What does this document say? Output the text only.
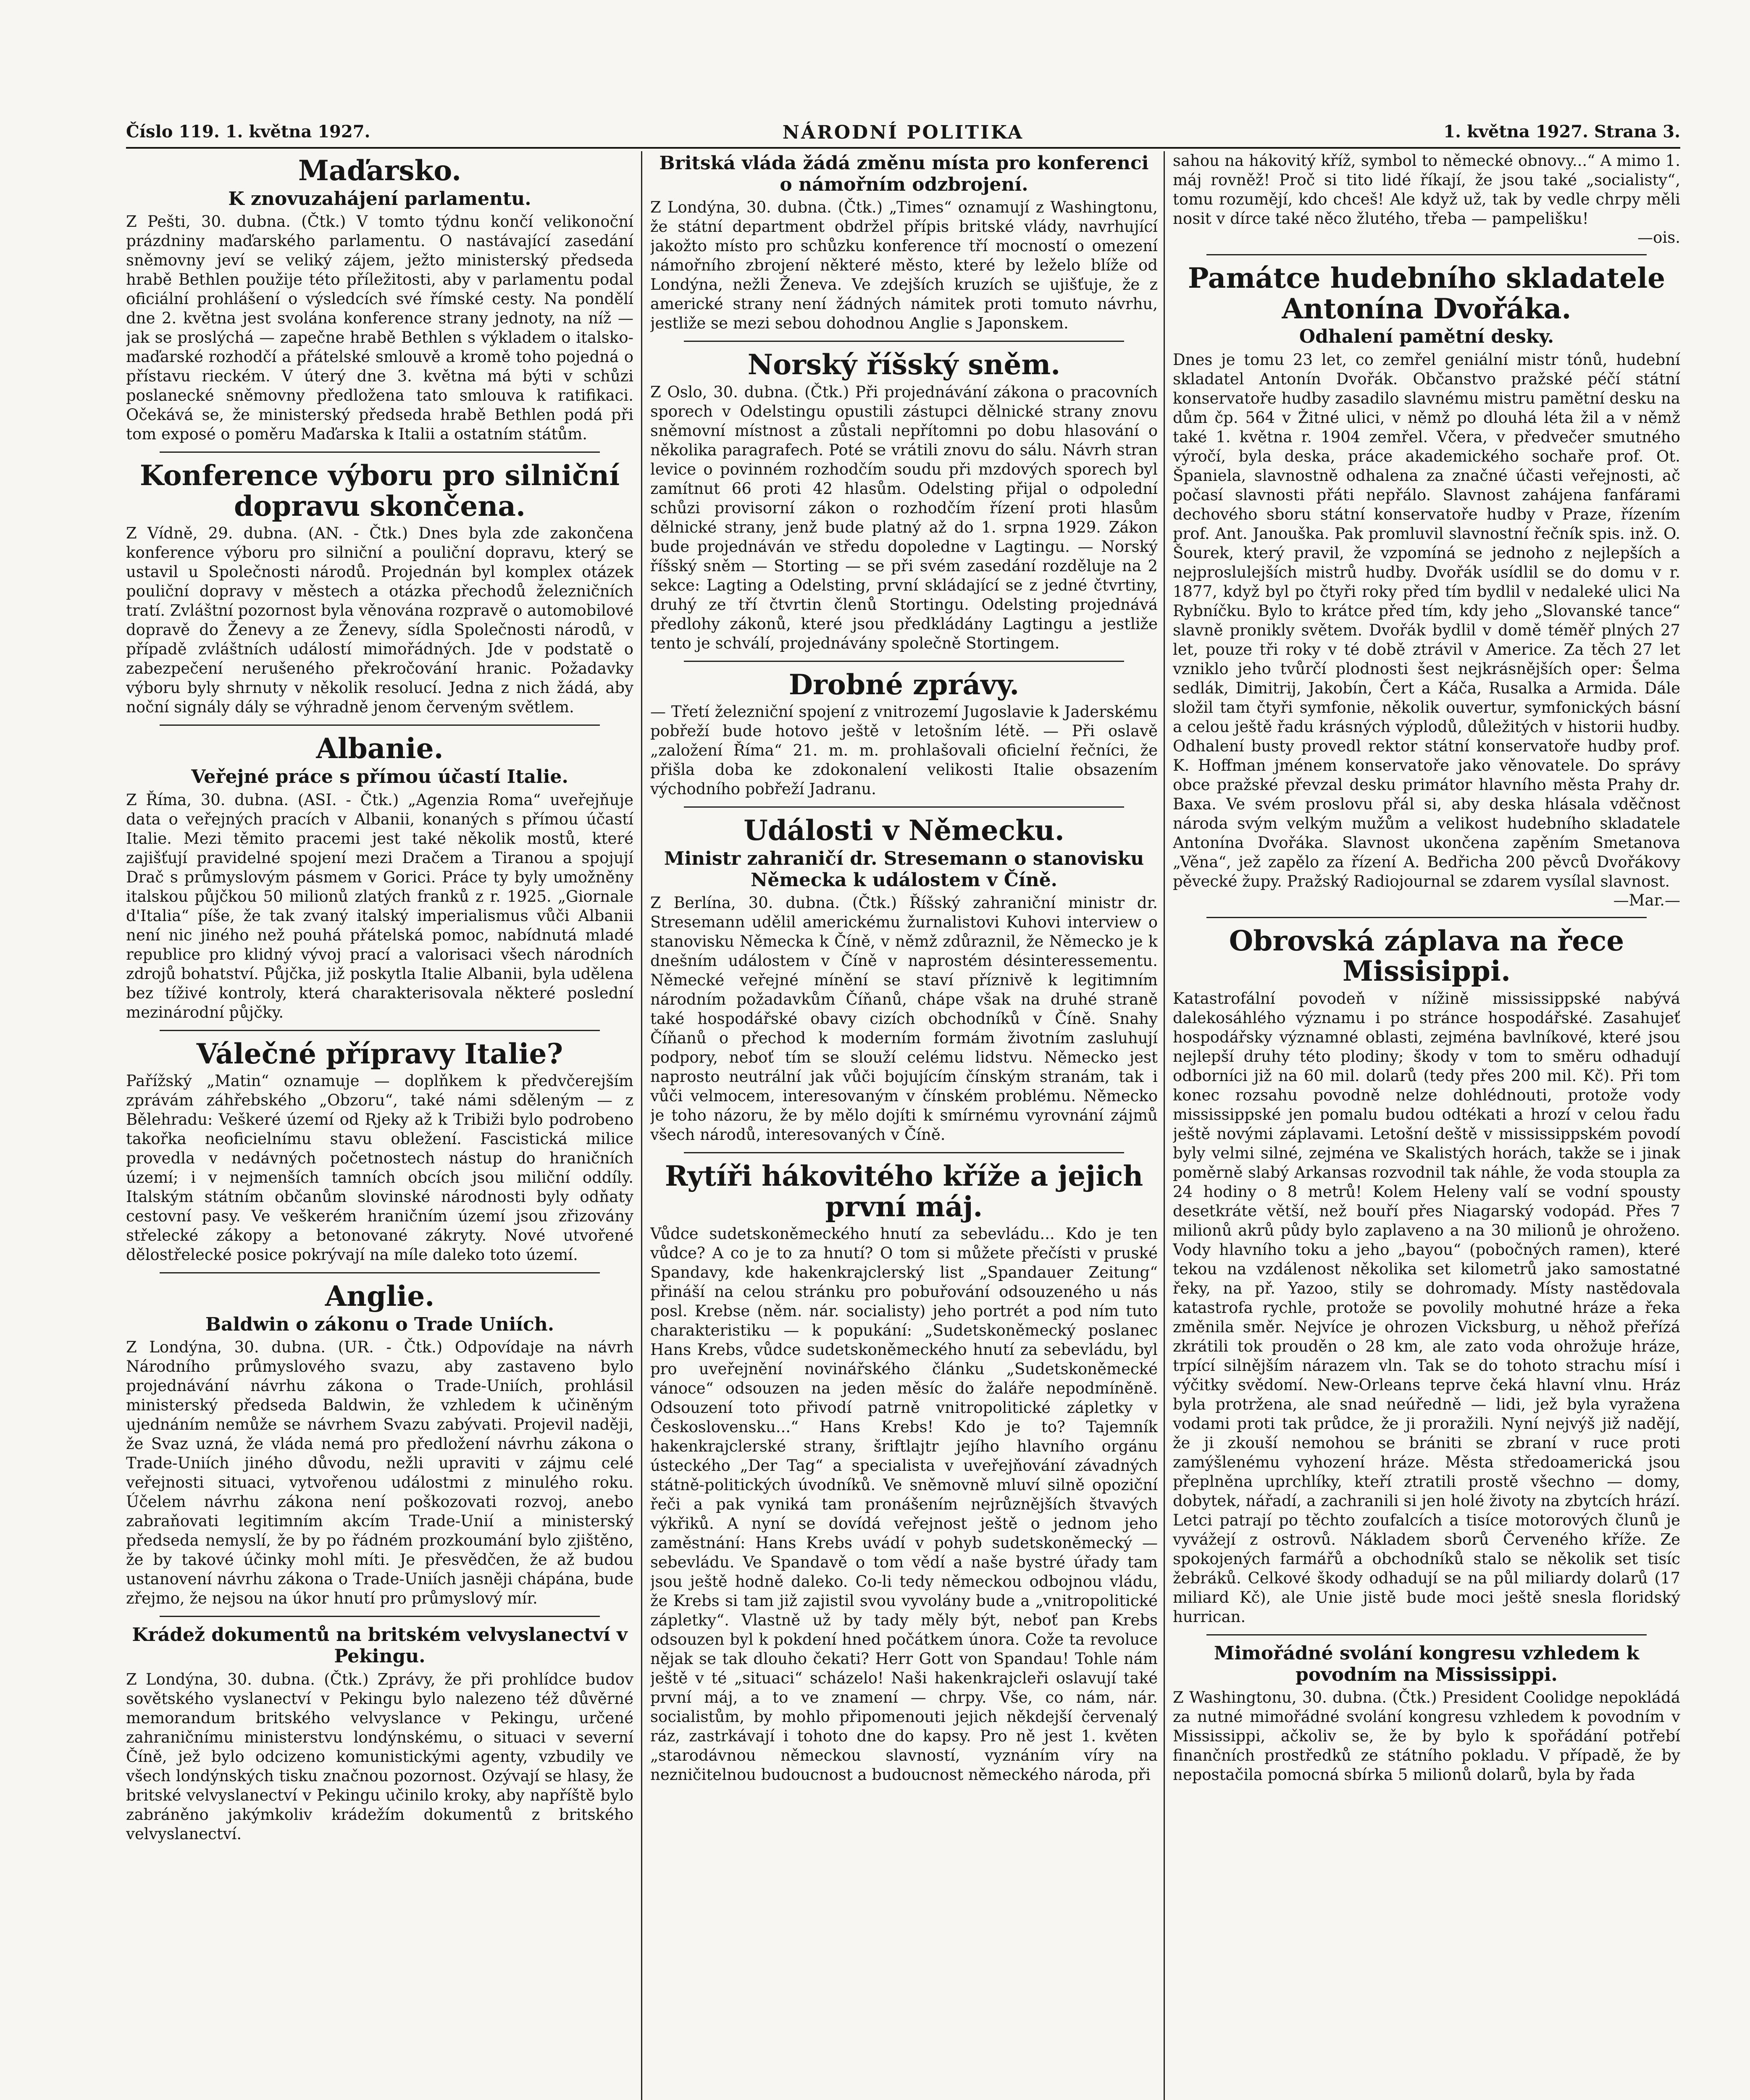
Číslo 119. 1. května 1927.	NÁRODNÍ POLITIKA	1. května 1927. Strana 3.
Maďarsko.
K znovuzahájení parlamentu.

Z Pešti, 30. dubna. (Čtk.) V tomto týdnu končí velikonoční prázdniny maďarského parlamentu. O nastávající zasedání sněmovny jeví se veliký zájem, ježto ministerský předseda hrabě Bethlen použije této příležitosti, aby v parlamentu podal oficiální prohlášení o výsledcích své římské cesty. Na pondělí dne 2. května jest svolána konference strany jednoty, na níž — jak se proslýchá — zapečne hrabě Bethlen s výkladem o italsko-maďarské rozhodčí a přátelské smlouvě a kromě toho pojedná o přístavu rieckém. V úterý dne 3. května má býti v schůzi poslanecké sněmovny předložena tato smlouva k ratifikaci. Očekává se, že ministerský předseda hrabě Bethlen podá při tom exposé o poměru Maďarska k Italii a ostatním státům.

Konference výboru pro silniční dopravu skončena.

Z Vídně, 29. dubna. (AN. - Čtk.) Dnes byla zde zakončena konference výboru pro silniční a pouliční dopravu, který se ustavil u Společnosti národů. Projednán byl komplex otázek pouliční dopravy v městech a otázka přechodů železničních tratí. Zvláštní pozornost byla věnována rozpravě o automobilové dopravě do Ženevy a ze Ženevy, sídla Společnosti národů, v případě zvláštních událostí mimořádných. Jde v podstatě o zabezpečení nerušeného překročování hranic. Požadavky výboru byly shrnuty v několik resolucí. Jedna z nich žádá, aby noční signály dály se výhradně jenom červeným světlem.

Albanie.
Veřejné práce s přímou účastí Italie.

Z Říma, 30. dubna. (ASI. - Čtk.) „Agenzia Roma“ uveřejňuje data o veřejných pracích v Albanii, konaných s přímou účastí Italie. Mezi těmito pracemi jest také několik mostů, které zajišťují pravidelné spojení mezi Dračem a Tiranou a spojují Drač s průmyslovým pásmem v Gorici. Práce ty byly umožněny italskou půjčkou 50 milionů zlatých franků z r. 1925. „Giornale d'Italia“ píše, že tak zvaný italský imperialismus vůči Albanii není nic jiného než pouhá přátelská pomoc, nabídnutá mladé republice pro klidný vývoj prací a valorisaci všech národních zdrojů bohatství. Půjčka, již poskytla Italie Albanii, byla udělena bez tíživé kontroly, která charakterisovala některé poslední mezinárodní půjčky.

Válečné přípravy Italie?

Pařížský „Matin“ oznamuje — doplňkem k předvčerejším zprávám záhřebského „Obzoru“, také námi sděleným — z Bělehradu: Veškeré území od Rjeky až k Tribiži bylo podrobeno takořka neoficielnímu stavu obležení. Fascistická milice provedla v nedávných početnostech nástup do hraničních území; i v nejmenších tamních obcích jsou miliční oddíly. Italským státním občanům slovinské národnosti byly odňaty cestovní pasy. Ve veškerém hraničním území jsou zřizovány střelecké zákopy a betonované zákryty. Nové utvořené dělostřelecké posice pokrývají na míle daleko toto území.

Anglie.
Baldwin o zákonu o Trade Uniích.

Z Londýna, 30. dubna. (UR. - Čtk.) Odpovídaje na návrh Národního průmyslového svazu, aby zastaveno bylo projednávání návrhu zákona o Trade-Uniích, prohlásil ministerský předseda Baldwin, že vzhledem k učiněným ujednáním nemůže se návrhem Svazu zabývati. Projevil naději, že Svaz uzná, že vláda nemá pro předložení návrhu zákona o Trade-Uniích jiného důvodu, nežli upraviti v zájmu celé veřejnosti situaci, vytvořenou událostmi z minulého roku. Účelem návrhu zákona není poškozovati rozvoj, anebo zabraňovati legitimním akcím Trade-Unií a ministerský předseda nemyslí, že by po řádném prozkoumání bylo zjištěno, že by takové účinky mohl míti. Je přesvědčen, že až budou ustanovení návrhu zákona o Trade-Uniích jasněji chápána, bude zřejmo, že nejsou na úkor hnutí pro průmyslový mír.

Krádež dokumentů na britském velvyslanectví v Pekingu.

Z Londýna, 30. dubna. (Čtk.) Zprávy, že při prohlídce budov sovětského vyslanectví v Pekingu bylo nalezeno též důvěrné memorandum britského velvyslance v Pekingu, určené zahraničnímu ministerstvu londýnskému, o situaci v severní Číně, jež bylo odcizeno komunistickými agenty, vzbudily ve všech londýnských tisku značnou pozornost. Ozývají se hlasy, že britské velvyslanectví v Pekingu učinilo kroky, aby napříště bylo zabráněno jakýmkoliv krádežím dokumentů z britského velvyslanectví.

Britská vláda žádá změnu místa pro konferenci o námořním odzbrojení.

Z Londýna, 30. dubna. (Čtk.) „Times“ oznamují z Washingtonu, že státní department obdržel přípis britské vlády, navrhující jakožto místo pro schůzku konference tří mocností o omezení námořního zbrojení některé město, které by leželo blíže od Londýna, nežli Ženeva. Ve zdejších kruzích se ujišťuje, že z americké strany není žádných námitek proti tomuto návrhu, jestliže se mezi sebou dohodnou Anglie s Japonskem.

Norský říšský sněm.

Z Oslo, 30. dubna. (Čtk.) Při projednávání zákona o pracovních sporech v Odelstingu opustili zástupci dělnické strany znovu sněmovní místnost a zůstali nepřítomni po dobu hlasování o několika paragrafech. Poté se vrátili znovu do sálu. Návrh stran levice o povinném rozhodčím soudu při mzdových sporech byl zamítnut 66 proti 42 hlasům. Odelsting přijal o odpolední schůzi provisorní zákon o rozhodčím řízení proti hlasům dělnické strany, jenž bude platný až do 1. srpna 1929. Zákon bude projednáván ve středu dopoledne v Lagtingu. — Norský říšský sněm — Storting — se při svém zasedání rozděluje na 2 sekce: Lagting a Odelsting, první skládající se z jedné čtvrtiny, druhý ze tří čtvrtin členů Stortingu. Odelsting projednává předlohy zákonů, které jsou předkládány Lagtingu a jestliže tento je schválí, projednávány společně Stortingem.

Drobné zprávy.

— Třetí železniční spojení z vnitrozemí Jugoslavie k Jaderskému pobřeží bude hotovo ještě v letošním létě. — Při oslavě „založení Říma“ 21. m. m. prohlašovali oficielní řečníci, že přišla doba ke zdokonalení velikosti Italie obsazením východního pobřeží Jadranu.

Události v Německu.
Ministr zahraničí dr. Stresemann o stanovisku Německa k událostem v Číně.

Z Berlína, 30. dubna. (Čtk.) Říšský zahraniční ministr dr. Stresemann udělil americkému žurnalistovi Kuhovi interview o stanovisku Německa k Číně, v němž zdůraznil, že Německo je k dnešním událostem v Číně v naprostém désinteressementu. Německé veřejné mínění se staví příznivě k legitimním národním požadavkům Číňanů, chápe však na druhé straně také hospodářské obavy cizích obchodníků v Číně. Snahy Číňanů o přechod k moderním formám životním zasluhují podpory, neboť tím se slouží celému lidstvu. Německo jest naprosto neutrální jak vůči bojujícím čínským stranám, tak i vůči velmocem, interesovaným v čínském problému. Německo je toho názoru, že by mělo dojíti k smírnému vyrovnání zájmů všech národů, interesovaných v Číně.

Rytíři hákovitého kříže a jejich první máj.

Vůdce sudetskoněmeckého hnutí za sebevládu... Kdo je ten vůdce? A co je to za hnutí? O tom si můžete přečísti v pruské Spandavy, kde hakenkrajclerský list „Spandauer Zeitung“ přináší na celou stránku pro pobuřování odsouzeného u nás posl. Krebse (něm. nár. socialisty) jeho portrét a pod ním tuto charakteristiku — k popukání: „Sudetskoněmecký poslanec Hans Krebs, vůdce sudetskoněmeckého hnutí za sebevládu, byl pro uveřejnění novinářského článku „Sudetskoněmecké vánoce“ odsouzen na jeden měsíc do žaláře nepodmíněně. Odsouzení toto přivodí patrně vnitropolitické zápletky v Československu...“ Hans Krebs! Kdo je to? Tajemník hakenkrajclerské strany, šriftlajtr jejího hlavního orgánu ústeckého „Der Tag“ a specialista v uveřejňování závadných státně-politických úvodníků. Ve sněmovně mluví silně opoziční řeči a pak vyniká tam pronášením nejrůznějších štvavých výkřiků. A nyní se dovídá veřejnost ještě o jednom jeho zaměstnání: Hans Krebs uvádí v pohyb sudetskoněmecký — sebevládu. Ve Spandavě o tom vědí a naše bystré úřady tam jsou ještě hodně daleko. Co-li tedy německou odbojnou vládu, že Krebs si tam již zajistil svou vyvolány bude a „vnitropolitické zápletky“. Vlastně už by tady měly být, neboť pan Krebs odsouzen byl k pokdení hned počátkem února. Cože ta revoluce nějak se tak dlouho čekati? Herr Gott von Spandau! Tohle nám ještě v té „situaci“ scházelo! Naši hakenkrajcleři oslavují také první máj, a to ve znamení — chrpy. Vše, co nám, nár. socialistům, by mohlo připomenouti jejich někdejší červenalý ráz, zastrkávají i tohoto dne do kapsy. Pro ně jest 1. květen „starodávnou německou slavností, vyznáním víry na nezničitelnou budoucnost a budoucnost německého národa, při

sahou na hákovitý kříž, symbol to německé obnovy...“ A mimo 1. máj rovněž! Proč si tito lidé říkají, že jsou také „socialisty“, tomu rozumějí, kdo chceš! Ale když už, tak by vedle chrpy měli nosit v dírce také něco žlutého, třeba — pampelišku!

—ois.

Památce hudebního skladatele Antonína Dvořáka.
Odhalení pamětní desky.

Dnes je tomu 23 let, co zemřel geniální mistr tónů, hudební skladatel Antonín Dvořák. Občanstvo pražské péčí státní konservatoře hudby zasadilo slavnému mistru pamětní desku na dům čp. 564 v Žitné ulici, v němž po dlouhá léta žil a v němž také 1. května r. 1904 zemřel. Včera, v předvečer smutného výročí, byla deska, práce akademického sochaře prof. Ot. Španiela, slavnostně odhalena za značné účasti veřejnosti, ač počasí slavnosti přáti nepřálo. Slavnost zahájena fanfárami dechového sboru státní konservatoře hudby v Praze, řízením prof. Ant. Janouška. Pak promluvil slavnostní řečník spis. inž. O. Šourek, který pravil, že vzpomíná se jednoho z nejlepších a nejproslulejších mistrů hudby. Dvořák usídlil se do domu v r. 1877, když byl po čtyři roky před tím bydlil v nedaleké ulici Na Rybníčku. Bylo to krátce před tím, kdy jeho „Slovanské tance“ slavně pronikly světem. Dvořák bydlil v domě téměř plných 27 let, pouze tři roky v té době ztrávil v Americe. Za těch 27 let vzniklo jeho tvůrčí plodnosti šest nejkrásnějších oper: Šelma sedlák, Dimitrij, Jakobín, Čert a Káča, Rusalka a Armida. Dále složil tam čtyři symfonie, několik ouvertur, symfonických básní a celou ještě řadu krásných výplodů, důležitých v historii hudby. Odhalení busty provedl rektor státní konservatoře hudby prof. K. Hoffman jménem konservatoře jako věnovatele. Do správy obce pražské převzal desku primátor hlavního města Prahy dr. Baxa. Ve svém proslovu přál si, aby deska hlásala vděčnost národa svým velkým mužům a velikost hudebního skladatele Antonína Dvořáka. Slavnost ukončena zapěním Smetanova „Věna“, jež zapělo za řízení A. Bedřicha 200 pěvců Dvořákovy pěvecké župy. Pražský Radiojournal se zdarem vysílal slavnost.

—Mar.—

Obrovská záplava na řece Missisippi.

Katastrofální povodeň v nížině mississippské nabývá dalekosáhlého významu i po stránce hospodářské. Zasahujeť hospodářsky významné oblasti, zejména bavlníkové, které jsou nejlepší druhy této plodiny; škody v tom to směru odhadují odborníci již na 60 mil. dolarů (tedy přes 200 mil. Kč). Při tom konec rozsahu povodně nelze dohlédnouti, protože vody mississippské jen pomalu budou odtékati a hrozí v celou řadu ještě novými záplavami. Letošní deště v mississippském povodí byly velmi silné, zejména ve Skalistých horách, takže se i jinak poměrně slabý Arkansas rozvodnil tak náhle, že voda stoupla za 24 hodiny o 8 metrů! Kolem Heleny valí se vodní spousty desetkráte větší, než bouří přes Niagarský vodopád. Přes 7 milionů akrů půdy bylo zaplaveno a na 30 milionů je ohroženo. Vody hlavního toku a jeho „bayou“ (pobočných ramen), které tekou na vzdálenost několika set kilometrů jako samostatné řeky, na př. Yazoo, stily se dohromady. Místy nastědovala katastrofa rychle, protože se povolily mohutné hráze a řeka změnila směr. Nejvíce je ohrozen Vicksburg, u něhož přeřízá zkrátili tok prouděn o 28 km, ale zato voda ohrožuje hráze, trpící silnějším nárazem vln. Tak se do tohoto strachu mísí i výčitky svědomí. New-Orleans teprve čeká hlavní vlnu. Hráz byla protržena, ale snad neúředně — lidi, jež byla vyražena vodami proti tak průdce, že ji proražili. Nyní nejvýš již nadějí, že ji zkouší nemohou se brániti se zbraní v ruce proti zamýšlenému vyhození hráze. Města středoamerická jsou přeplněna uprchlíky, kteří ztratili prostě všechno — domy, dobytek, nářadí, a zachranili si jen holé životy na zbytcích hrází. Letci patrají po těchto zoufalcích a tisíce motorových člunů je vyvážejí z ostrovů. Nákladem sborů Červeného kříže. Ze spokojených farmářů a obchodníků stalo se několik set tisíc žebráků. Celkové škody odhadují se na půl miliardy dolarů (17 miliard Kč), ale Unie jistě bude moci ještě snesla floridský hurrican.

Mimořádné svolání kongresu vzhledem k povodním na Mississippi.

Z Washingtonu, 30. dubna. (Čtk.) President Coolidge nepokládá za nutné mimořádné svolání kongresu vzhledem k povodním v Mississippi, ačkoliv se, že by bylo k spořádání potřebí finančních prostředků ze státního pokladu. V případě, že by nepostačila pomocná sbírka 5 milionů dolarů, byla by řada
